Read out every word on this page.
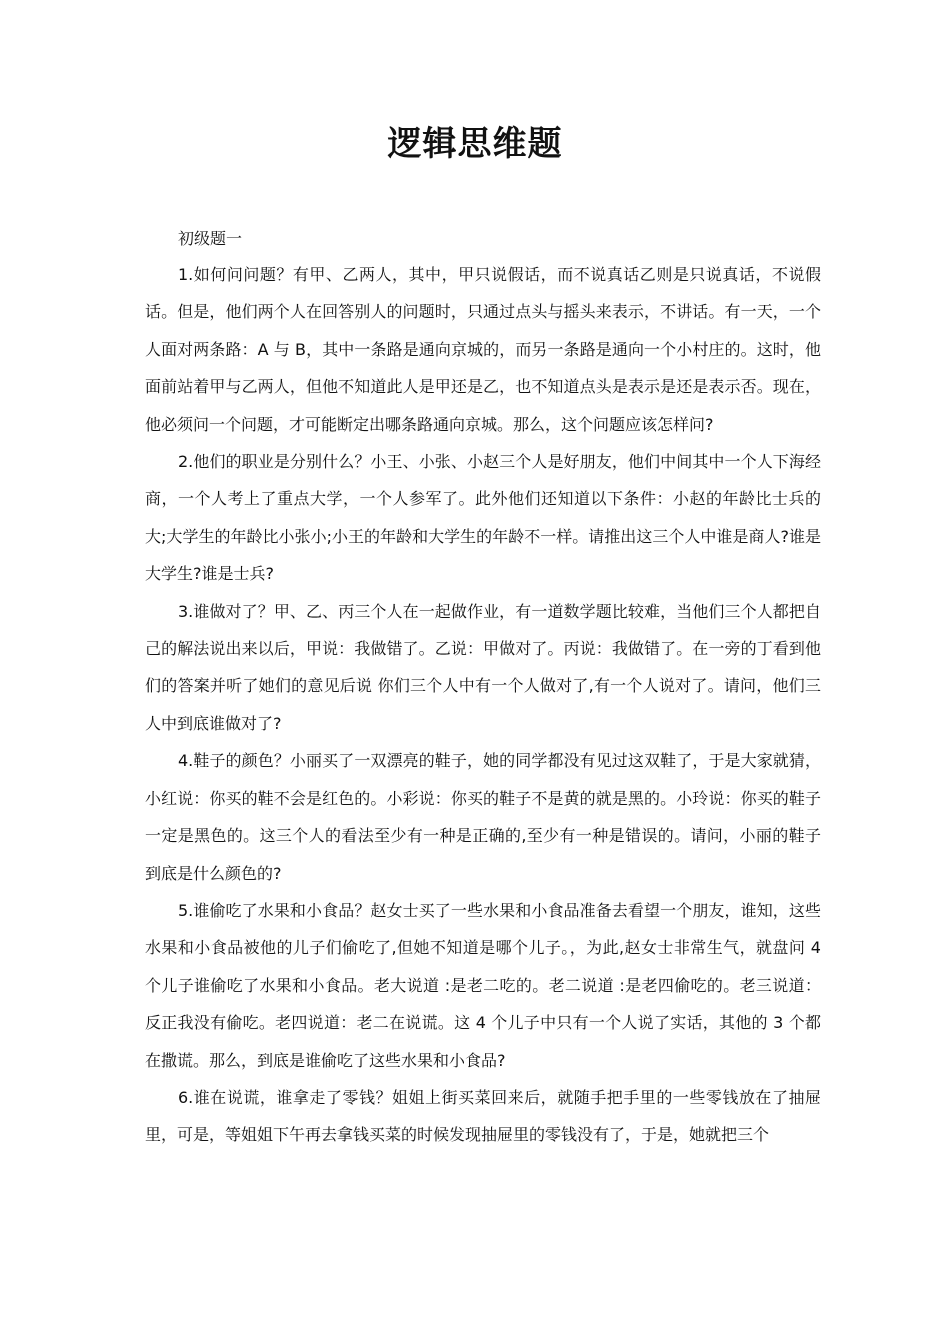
逻辑思维题

初级题一

1.如何问问题？有甲、乙两人，其中，甲只说假话，而不说真话乙则是只说真话，不说假话。但是，他们两个人在回答别人的问题时，只通过点头与摇头来表示，不讲话。有一天，一个人面对两条路：A 与 B，其中一条路是通向京城的，而另一条路是通向一个小村庄的。这时，他面前站着甲与乙两人，但他不知道此人是甲还是乙，也不知道点头是表示是还是表示否。现在，他必须问一个问题，才可能断定出哪条路通向京城。那么，这个问题应该怎样问?

2.他们的职业是分别什么？小王、小张、小赵三个人是好朋友，他们中间其中一个人下海经商，一个人考上了重点大学，一个人参军了。此外他们还知道以下条件：小赵的年龄比士兵的大;大学生的年龄比小张小;小王的年龄和大学生的年龄不一样。请推出这三个人中谁是商人?谁是大学生?谁是士兵?

3.谁做对了？甲、乙、丙三个人在一起做作业，有一道数学题比较难，当他们三个人都把自己的解法说出来以后，甲说：我做错了。乙说：甲做对了。丙说：我做错了。在一旁的丁看到他们的答案并听了她们的意见后说 你们三个人中有一个人做对了,有一个人说对了。请问，他们三人中到底谁做对了?

4.鞋子的颜色？小丽买了一双漂亮的鞋子，她的同学都没有见过这双鞋了，于是大家就猜，小红说：你买的鞋不会是红色的。小彩说：你买的鞋子不是黄的就是黑的。小玲说：你买的鞋子一定是黑色的。这三个人的看法至少有一种是正确的,至少有一种是错误的。请问，小丽的鞋子到底是什么颜色的?

5.谁偷吃了水果和小食品？赵女士买了一些水果和小食品准备去看望一个朋友，谁知，这些水果和小食品被他的儿子们偷吃了,但她不知道是哪个儿子。，为此,赵女士非常生气，就盘问 4 个儿子谁偷吃了水果和小食品。老大说道 :是老二吃的。老二说道 :是老四偷吃的。老三说道：反正我没有偷吃。老四说道：老二在说谎。这 4 个儿子中只有一个人说了实话，其他的 3 个都在撒谎。那么，到底是谁偷吃了这些水果和小食品?

6.谁在说谎，谁拿走了零钱？姐姐上街买菜回来后，就随手把手里的一些零钱放在了抽屉里，可是，等姐姐下午再去拿钱买菜的时候发现抽屉里的零钱没有了，于是，她就把三个
